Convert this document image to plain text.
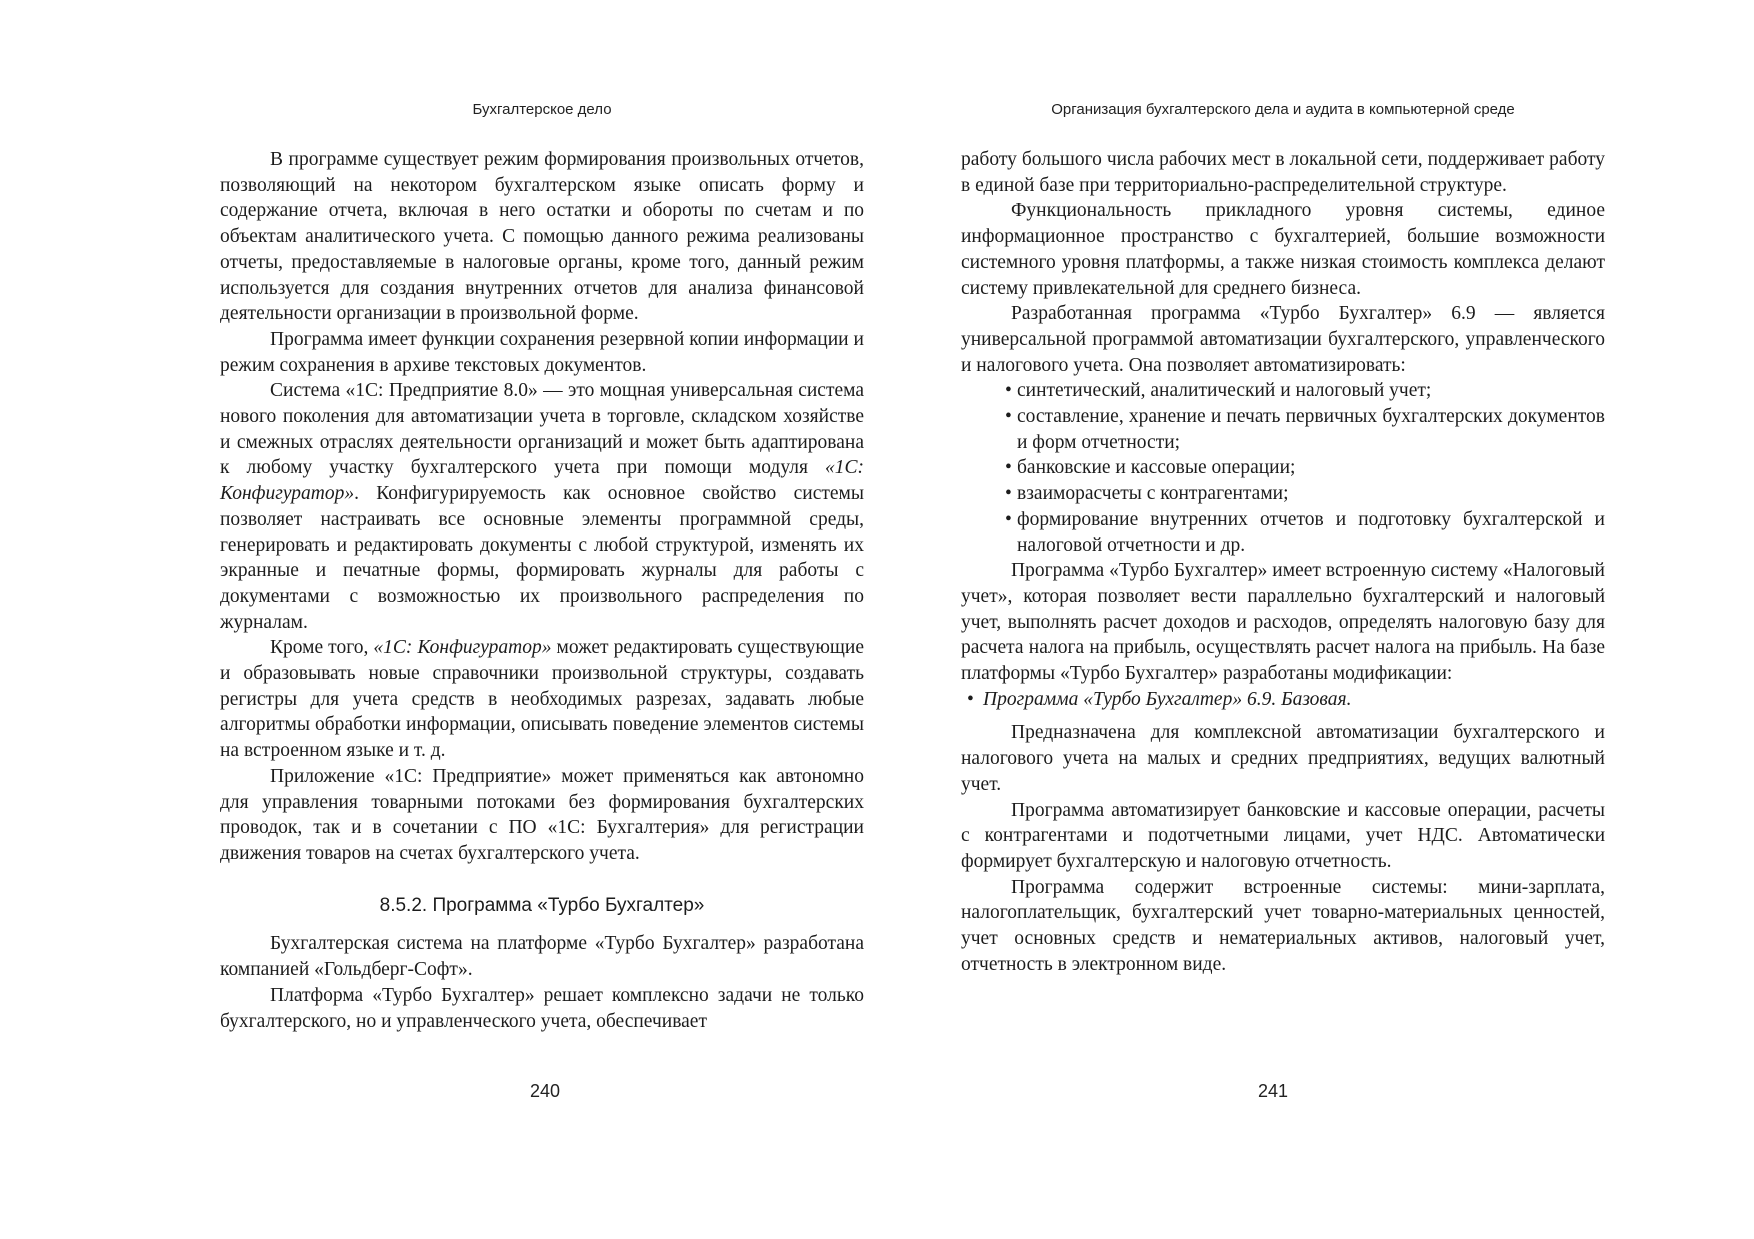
Бухгалтерское дело

В программе существует режим формирования произвольных отчетов, позволяющий на некотором бухгалтерском языке описать форму и содержание отчета, включая в него остатки и обороты по счетам и по объектам аналитического учета. С помощью данного режима реализованы отчеты, предоставляемые в налоговые органы, кроме того, данный режим используется для создания внутренних отчетов для анализа финансовой деятельности организации в произвольной форме.

Программа имеет функции сохранения резервной копии информации и режим сохранения в архиве текстовых документов.

Система «1С: Предприятие 8.0» — это мощная универсальная система нового поколения для автоматизации учета в торговле, складском хозяйстве и смежных отраслях деятельности организаций и может быть адаптирована к любому участку бухгалтерского учета при помощи модуля «1С: Конфигуратор». Конфигурируемость как основное свойство системы позволяет настраивать все основные элементы программной среды, генерировать и редактировать документы с любой структурой, изменять их экранные и печатные формы, формировать журналы для работы с документами с возможностью их произвольного распределения по журналам.

Кроме того, «1С: Конфигуратор» может редактировать существующие и образовывать новые справочники произвольной структуры, создавать регистры для учета средств в необходимых разрезах, задавать любые алгоритмы обработки информации, описывать поведение элементов системы на встроенном языке и т. д.

Приложение «1С: Предприятие» может применяться как автономно для управления товарными потоками без формирования бухгалтерских проводок, так и в сочетании с ПО «1С: Бухгалтерия» для регистрации движения товаров на счетах бухгалтерского учета.

8.5.2. Программа «Турбо Бухгалтер»

Бухгалтерская система на платформе «Турбо Бухгалтер» разработана компанией «Гольдберг-Софт».

Платформа «Турбо Бухгалтер» решает комплексно задачи не только бухгалтерского, но и управленческого учета, обеспечивает

240
Организация бухгалтерского дела и аудита в компьютерной среде

работу большого числа рабочих мест в локальной сети, поддерживает работу в единой базе при территориально-распределительной структуре.

Функциональность прикладного уровня системы, единое информационное пространство с бухгалтерией, большие возможности системного уровня платформы, а также низкая стоимость комплекса делают систему привлекательной для среднего бизнеса.

Разработанная программа «Турбо Бухгалтер» 6.9 — является универсальной программой автоматизации бухгалтерского, управленческого и налогового учета. Она позволяет автоматизировать:

• синтетический, аналитический и налоговый учет;
• составление, хранение и печать первичных бухгалтерских документов и форм отчетности;
• банковские и кассовые операции;
• взаиморасчеты с контрагентами;
• формирование внутренних отчетов и подготовку бухгалтерской и налоговой отчетности и др.

Программа «Турбо Бухгалтер» имеет встроенную систему «Налоговый учет», которая позволяет вести параллельно бухгалтерский и налоговый учет, выполнять расчет доходов и расходов, определять налоговую базу для расчета налога на прибыль, осуществлять расчет налога на прибыль. На базе платформы «Турбо Бухгалтер» разработаны модификации:

• Программа «Турбо Бухгалтер» 6.9. Базовая.

Предназначена для комплексной автоматизации бухгалтерского и налогового учета на малых и средних предприятиях, ведущих валютный учет.

Программа автоматизирует банковские и кассовые операции, расчеты с контрагентами и подотчетными лицами, учет НДС. Автоматически формирует бухгалтерскую и налоговую отчетность.

Программа содержит встроенные системы: мини-зарплата, налогоплательщик, бухгалтерский учет товарно-материальных ценностей, учет основных средств и нематериальных активов, налоговый учет, отчетность в электронном виде.

241
